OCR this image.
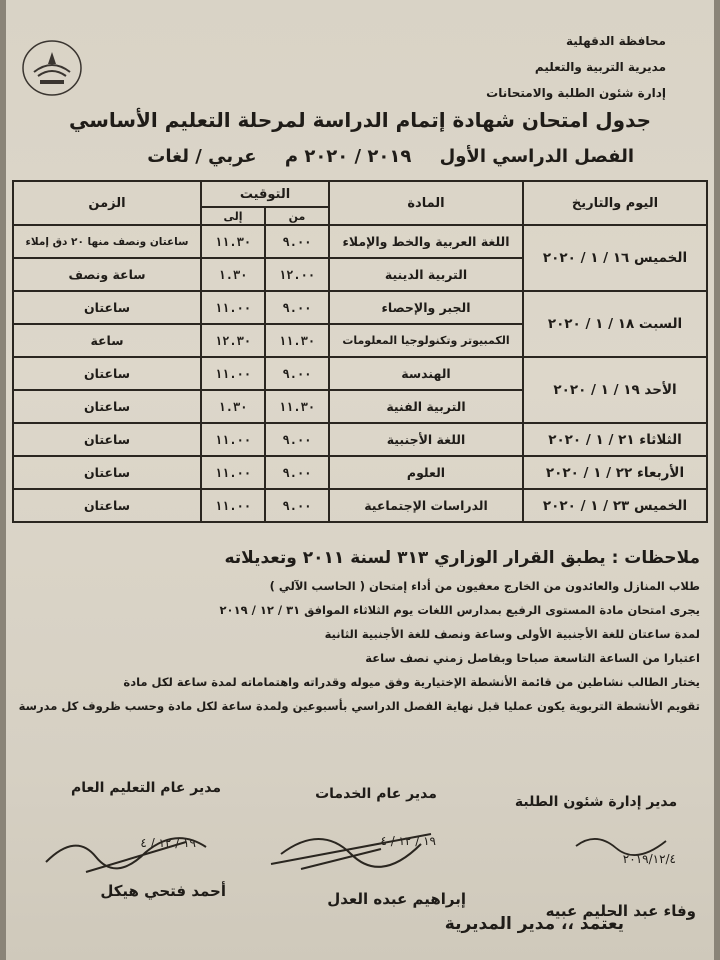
محافظة الدقهلية
مديرية التربية والتعليم
إدارة شئون الطلبة والامتحانات
جدول امتحان شهادة إتمام الدراسة لمرحلة التعليم الأساسي
الفصل الدراسي الأول ٢٠١٩ / ٢٠٢٠ م عربي / لغات
اليوم والتاريخ	المادة	التوقيت		الزمن
		من	إلى	
الخميس ١٦ / ١ / ٢٠٢٠	اللغة العربية والخط والإملاء	٩.٠٠	١١.٣٠	ساعتان ونصف منها ٢٠ دق إملاء
	التربية الدينية	١٢.٠٠	١.٣٠	ساعة ونصف
السبت ١٨ / ١ / ٢٠٢٠	الجبر والإحصاء	٩.٠٠	١١.٠٠	ساعتان
	الكمبيوتر وتكنولوجيا المعلومات	١١.٣٠	١٢.٣٠	ساعة
الأحد ١٩ / ١ / ٢٠٢٠	الهندسة	٩.٠٠	١١.٠٠	ساعتان
	التربية الفنية	١١.٣٠	١.٣٠	ساعتان
الثلاثاء ٢١ / ١ / ٢٠٢٠	اللغة الأجنبية	٩.٠٠	١١.٠٠	ساعتان
الأربعاء ٢٢ / ١ / ٢٠٢٠	العلوم	٩.٠٠	١١.٠٠	ساعتان
الخميس ٢٣ / ١ / ٢٠٢٠	الدراسات الإجتماعية	٩.٠٠	١١.٠٠	ساعتان
ملاحظات : يطبق القرار الوزاري ٣١٣ لسنة ٢٠١١ وتعديلاته
طلاب المنازل والعائدون من الخارج معفيون من أداء إمتحان ( الحاسب الآلي )
يجرى امتحان مادة المستوى الرفيع بمدارس اللغات يوم الثلاثاء الموافق ٣١ / ١٢ / ٢٠١٩
لمدة ساعتان للغة الأجنبية الأولى وساعة ونصف للغة الأجنبية الثانية
اعتبارا من الساعة التاسعة صباحا وبفاصل زمني نصف ساعة
يختار الطالب نشاطين من قائمة الأنشطة الإختيارية وفق ميوله وقدراته واهتماماته لمدة ساعة لكل مادة
تقويم الأنشطة التربوية يكون عمليا قبل نهاية الفصل الدراسي بأسبوعين ولمدة ساعة لكل مادة وحسب ظروف كل مدرسة
مدير إدارة شئون الطلبة
٢٠١٩/١٢/٤
وفاء عبد الحليم عبيه
مدير عام الخدمات
١٩ / ١٢ / ٤
إبراهيم عبده العدل
مدير عام التعليم العام
١٩ / ١٢ / ٤
أحمد فتحي هيكل
يعتمد ،، مدير المديرية
